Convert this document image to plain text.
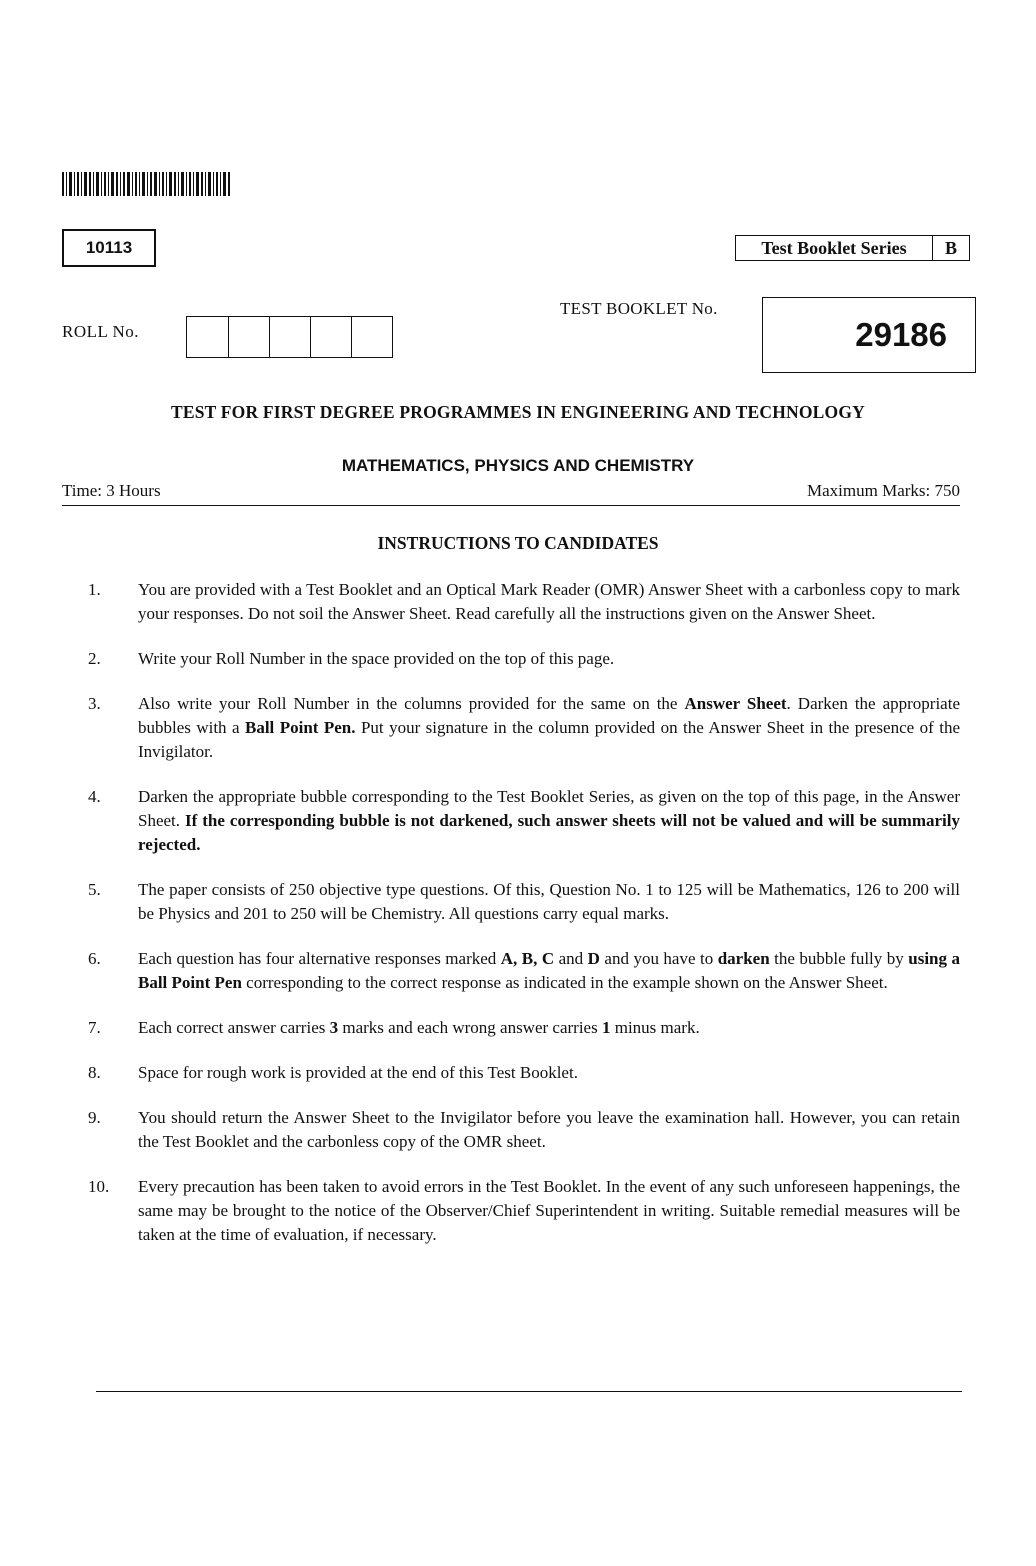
10113	Test Booklet Series	B
ROLL No.
TEST BOOKLET No.
29186
TEST FOR FIRST DEGREE PROGRAMMES IN ENGINEERING AND TECHNOLOGY
MATHEMATICS, PHYSICS AND CHEMISTRY
Time: 3 Hours	Maximum Marks: 750
INSTRUCTIONS TO CANDIDATES
1.	You are provided with a Test Booklet and an Optical Mark Reader (OMR) Answer Sheet with a carbonless copy to mark your responses. Do not soil the Answer Sheet. Read carefully all the instructions given on the Answer Sheet.
2.	Write your Roll Number in the space provided on the top of this page.
3.	Also write your Roll Number in the columns provided for the same on the Answer Sheet. Darken the appropriate bubbles with a Ball Point Pen. Put your signature in the column provided on the Answer Sheet in the presence of the Invigilator.
4.	Darken the appropriate bubble corresponding to the Test Booklet Series, as given on the top of this page, in the Answer Sheet. If the corresponding bubble is not darkened, such answer sheets will not be valued and will be summarily rejected.
5.	The paper consists of 250 objective type questions. Of this, Question No. 1 to 125 will be Mathematics, 126 to 200 will be Physics and 201 to 250 will be Chemistry. All questions carry equal marks.
6.	Each question has four alternative responses marked A, B, C and D and you have to darken the bubble fully by using a Ball Point Pen corresponding to the correct response as indicated in the example shown on the Answer Sheet.
7.	Each correct answer carries 3 marks and each wrong answer carries 1 minus mark.
8.	Space for rough work is provided at the end of this Test Booklet.
9.	You should return the Answer Sheet to the Invigilator before you leave the examination hall. However, you can retain the Test Booklet and the carbonless copy of the OMR sheet.
10.	Every precaution has been taken to avoid errors in the Test Booklet. In the event of any such unforeseen happenings, the same may be brought to the notice of the Observer/Chief Superintendent in writing. Suitable remedial measures will be taken at the time of evaluation, if necessary.
